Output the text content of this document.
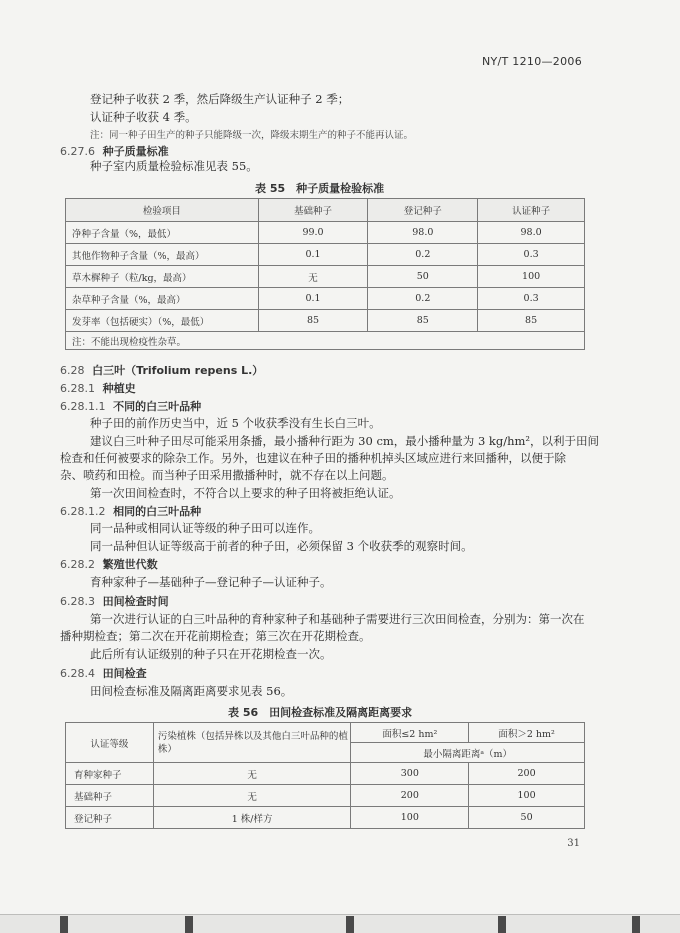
NY/T 1210—2006
登记种子收获 2 季，然后降级生产认证种子 2 季；
认证种子收获 4 季。
注：同一种子田生产的种子只能降级一次，降级末期生产的种子不能再认证。
6.27.6 种子质量标准
种子室内质量检验标准见表 55。
表 55　种子质量检验标准
检验项目	基础种子	登记种子	认证种子
净种子含量（%，最低）	99.0	98.0	98.0
其他作物种子含量（%，最高）	0.1	0.2	0.3
草木樨种子（粒/kg，最高）	无	50	100
杂草种子含量（%，最高）	0.1	0.2	0.3
发芽率（包括硬实）（%，最低）	85	85	85
注：不能出现检疫性杂草。			
6.28 白三叶（Trifolium repens L.）
6.28.1 种植史
6.28.1.1 不同的白三叶品种
种子田的前作历史当中，近 5 个收获季没有生长白三叶。
建议白三叶种子田尽可能采用条播，最小播种行距为 30 cm，最小播种量为 3 kg/hm²，以利于田间
检查和任何被要求的除杂工作。另外，也建议在种子田的播种机掉头区域应进行来回播种，以便于除
杂、喷药和田检。而当种子田采用撒播种时，就不存在以上问题。
第一次田间检查时，不符合以上要求的种子田将被拒绝认证。
6.28.1.2 相同的白三叶品种
同一品种或相同认证等级的种子田可以连作。
同一品种但认证等级高于前者的种子田，必须保留 3 个收获季的观察时间。
6.28.2 繁殖世代数
育种家种子—基础种子—登记种子—认证种子。
6.28.3 田间检查时间
第一次进行认证的白三叶品种的育种家种子和基础种子需要进行三次田间检查，分别为：第一次在
播种期检查；第二次在开花前期检查；第三次在开花期检查。
此后所有认证级别的种子只在开花期检查一次。
6.28.4 田间检查
田间检查标准及隔离距离要求见表 56。
表 56　田间检查标准及隔离距离要求
认证等级	污染植株（包括异株以及其他白三叶品种的植株）	面积≤2 hm²	面积＞2 hm²
		最小隔离距离ᵃ（m）	
育种家种子	无	300	200
基础种子	无	200	100
登记种子	1 株/样方	100	50
31
